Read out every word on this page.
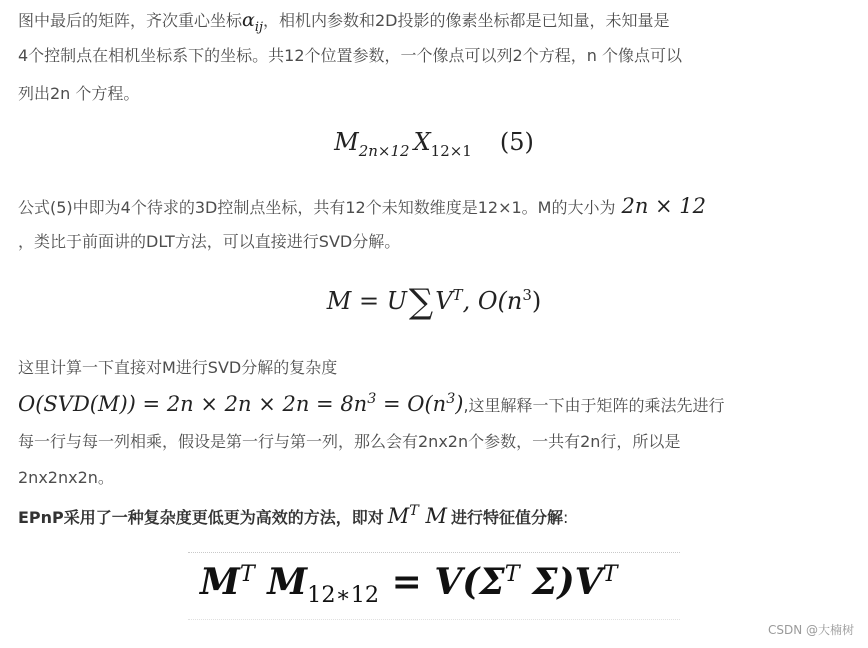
图中最后的矩阵，齐次重心坐标$\alpha_{ij}$，相机内参数和2D投影的像素坐标都是已知量，未知量是
4个控制点在相机坐标系下的坐标。共12个位置参数，一个像点可以列2个方程，n 个像点可以
列出2n 个方程。
$M_{2n\times 12}$ $X_{12\times 1}$ (5)
公式(5)中即为4个待求的3D控制点坐标，共有12个未知数维度是12×1。M的大小为 2n × 12
，类比于前面讲的DLT方法，可以直接进行SVD分解。
$M = U\sum V^T$, $O(n^3)$
这里计算一下直接对M进行SVD分解的复杂度
$O(SVD(M)) = 2n \times 2n \times 2n = 8n^3 = O(n^3)$,这里解释一下由于矩阵的乘法先进行
每一行与每一列相乘，假设是第一行与第一列，那么会有2nx2n个参数，一共有2n行，所以是
2nx2nx2n。
EPnP采用了一种复杂度更低更为高效的方法，即对 $M^T$ M 进行特征值分解:
$M^T$ $M_{12∗12} = V(\Sigma^T$ $\Sigma)V^T$
CSDN @大楠树
